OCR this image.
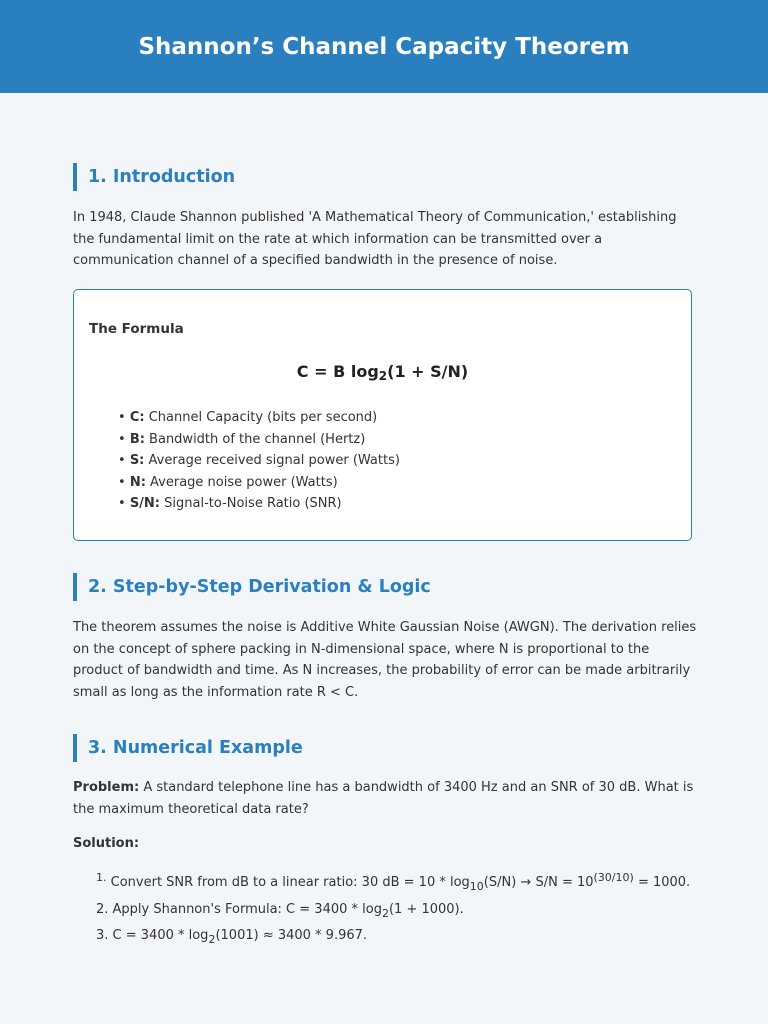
Shannon’s Channel Capacity Theorem
1. Introduction

In 1948, Claude Shannon published 'A Mathematical Theory of Communication,' establishing the fundamental limit on the rate at which information can be transmitted over a communication channel of a specified bandwidth in the presence of noise.

The Formula
C = B $\log_2(1 + S/N)$
• C: Channel Capacity (bits per second)
• B: Bandwidth of the channel (Hertz)
• S: Average received signal power (Watts)
• N: Average noise power (Watts)
• S/N: Signal-to-Noise Ratio (SNR)
2. Step-by-Step Derivation & Logic

The theorem assumes the noise is Additive White Gaussian Noise (AWGN). The derivation relies on the concept of sphere packing in N-dimensional space, where N is proportional to the product of bandwidth and time. As N increases, the probability of error can be made arbitrarily small as long as the information rate R < C.

3. Numerical Example

Problem: A standard telephone line has a bandwidth of 3400 Hz and an SNR of 30 dB. What is the maximum theoretical data rate?

Solution:

$^{1.}$ Convert SNR from dB to a linear ratio: 30 dB = $10 * \log_{10}(S/N) \to S/N = 10^{(30/10)} = 1000$.
2. Apply Shannon's Formula: $C = 3400 * \log_2(1 + 1000)$.
3. $C = 3400 * \log_2(1001) \approx 3400 * 9.967$.
